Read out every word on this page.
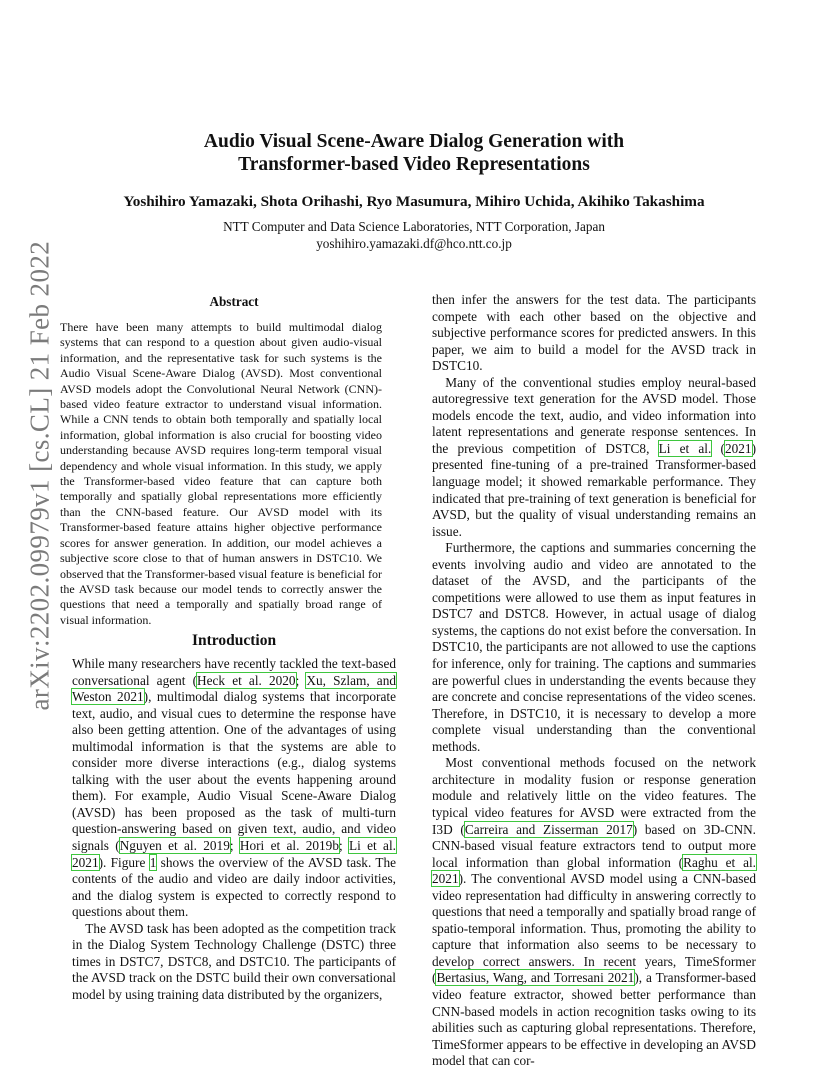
Audio Visual Scene-Aware Dialog Generation with
Transformer-based Video Representations
Yoshihiro Yamazaki, Shota Orihashi, Ryo Masumura, Mihiro Uchida, Akihiko Takashima
NTT Computer and Data Science Laboratories, NTT Corporation, Japan
yoshihiro.yamazaki.df@hco.ntt.co.jp
arXiv:2202.09979v1 [cs.CL] 21 Feb 2022	Abstract
There have been many attempts to build multimodal dialog systems that can respond to a question about given audio-visual information, and the representative task for such systems is the Audio Visual Scene-Aware Dialog (AVSD). Most conventional AVSD models adopt the Convolutional Neural Network (CNN)-based video feature extractor to understand visual information. While a CNN tends to obtain both temporally and spatially local information, global information is also crucial for boosting video understanding because AVSD requires long-term temporal visual dependency and whole visual information. In this study, we apply the Transformer-based video feature that can capture both temporally and spatially global representations more efficiently than the CNN-based feature. Our AVSD model with its Transformer-based feature attains higher objective performance scores for answer generation. In addition, our model achieves a subjective score close to that of human answers in DSTC10. We observed that the Transformer-based visual feature is beneficial for the AVSD task because our model tends to correctly answer the questions that need a temporally and spatially broad range of visual information.
Introduction

While many researchers have recently tackled the text-based conversational agent (Heck et al. 2020; Xu, Szlam, and Weston 2021), multimodal dialog systems that incorporate text, audio, and visual cues to determine the response have also been getting attention. One of the advantages of using multimodal information is that the systems are able to consider more diverse interactions (e.g., dialog systems talking with the user about the events happening around them). For example, Audio Visual Scene-Aware Dialog (AVSD) has been proposed as the task of multi-turn question-answering based on given text, audio, and video signals (Nguyen et al. 2019; Hori et al. 2019b; Li et al. 2021). Figure 1 shows the overview of the AVSD task. The contents of the audio and video are daily indoor activities, and the dialog system is expected to correctly respond to questions about them.

The AVSD task has been adopted as the competition track in the Dialog System Technology Challenge (DSTC) three times in DSTC7, DSTC8, and DSTC10. The participants of the AVSD track on the DSTC build their own conversational model by using training data distributed by the organizers,

then infer the answers for the test data. The participants compete with each other based on the objective and subjective performance scores for predicted answers. In this paper, we aim to build a model for the AVSD track in DSTC10.

Many of the conventional studies employ neural-based autoregressive text generation for the AVSD model. Those models encode the text, audio, and video information into latent representations and generate response sentences. In the previous competition of DSTC8, Li et al. (2021) presented fine-tuning of a pre-trained Transformer-based language model; it showed remarkable performance. They indicated that pre-training of text generation is beneficial for AVSD, but the quality of visual understanding remains an issue.

Furthermore, the captions and summaries concerning the events involving audio and video are annotated to the dataset of the AVSD, and the participants of the competitions were allowed to use them as input features in DSTC7 and DSTC8. However, in actual usage of dialog systems, the captions do not exist before the conversation. In DSTC10, the participants are not allowed to use the captions for inference, only for training. The captions and summaries are powerful clues in understanding the events because they are concrete and concise representations of the video scenes. Therefore, in DSTC10, it is necessary to develop a more complete visual understanding than the conventional methods.

Most conventional methods focused on the network architecture in modality fusion or response generation module and relatively little on the video features. The typical video features for AVSD were extracted from the I3D (Carreira and Zisserman 2017) based on 3D-CNN. CNN-based visual feature extractors tend to output more local information than global information (Raghu et al. 2021). The conventional AVSD model using a CNN-based video representation had difficulty in answering correctly to questions that need a temporally and spatially broad range of spatio-temporal information. Thus, promoting the ability to capture that information also seems to be necessary to develop correct answers. In recent years, TimeSformer (Bertasius, Wang, and Torresani 2021), a Transformer-based video feature extractor, showed better performance than CNN-based models in action recognition tasks owing to its abilities such as capturing global representations. Therefore, TimeSformer appears to be effective in developing an AVSD model that can cor-
